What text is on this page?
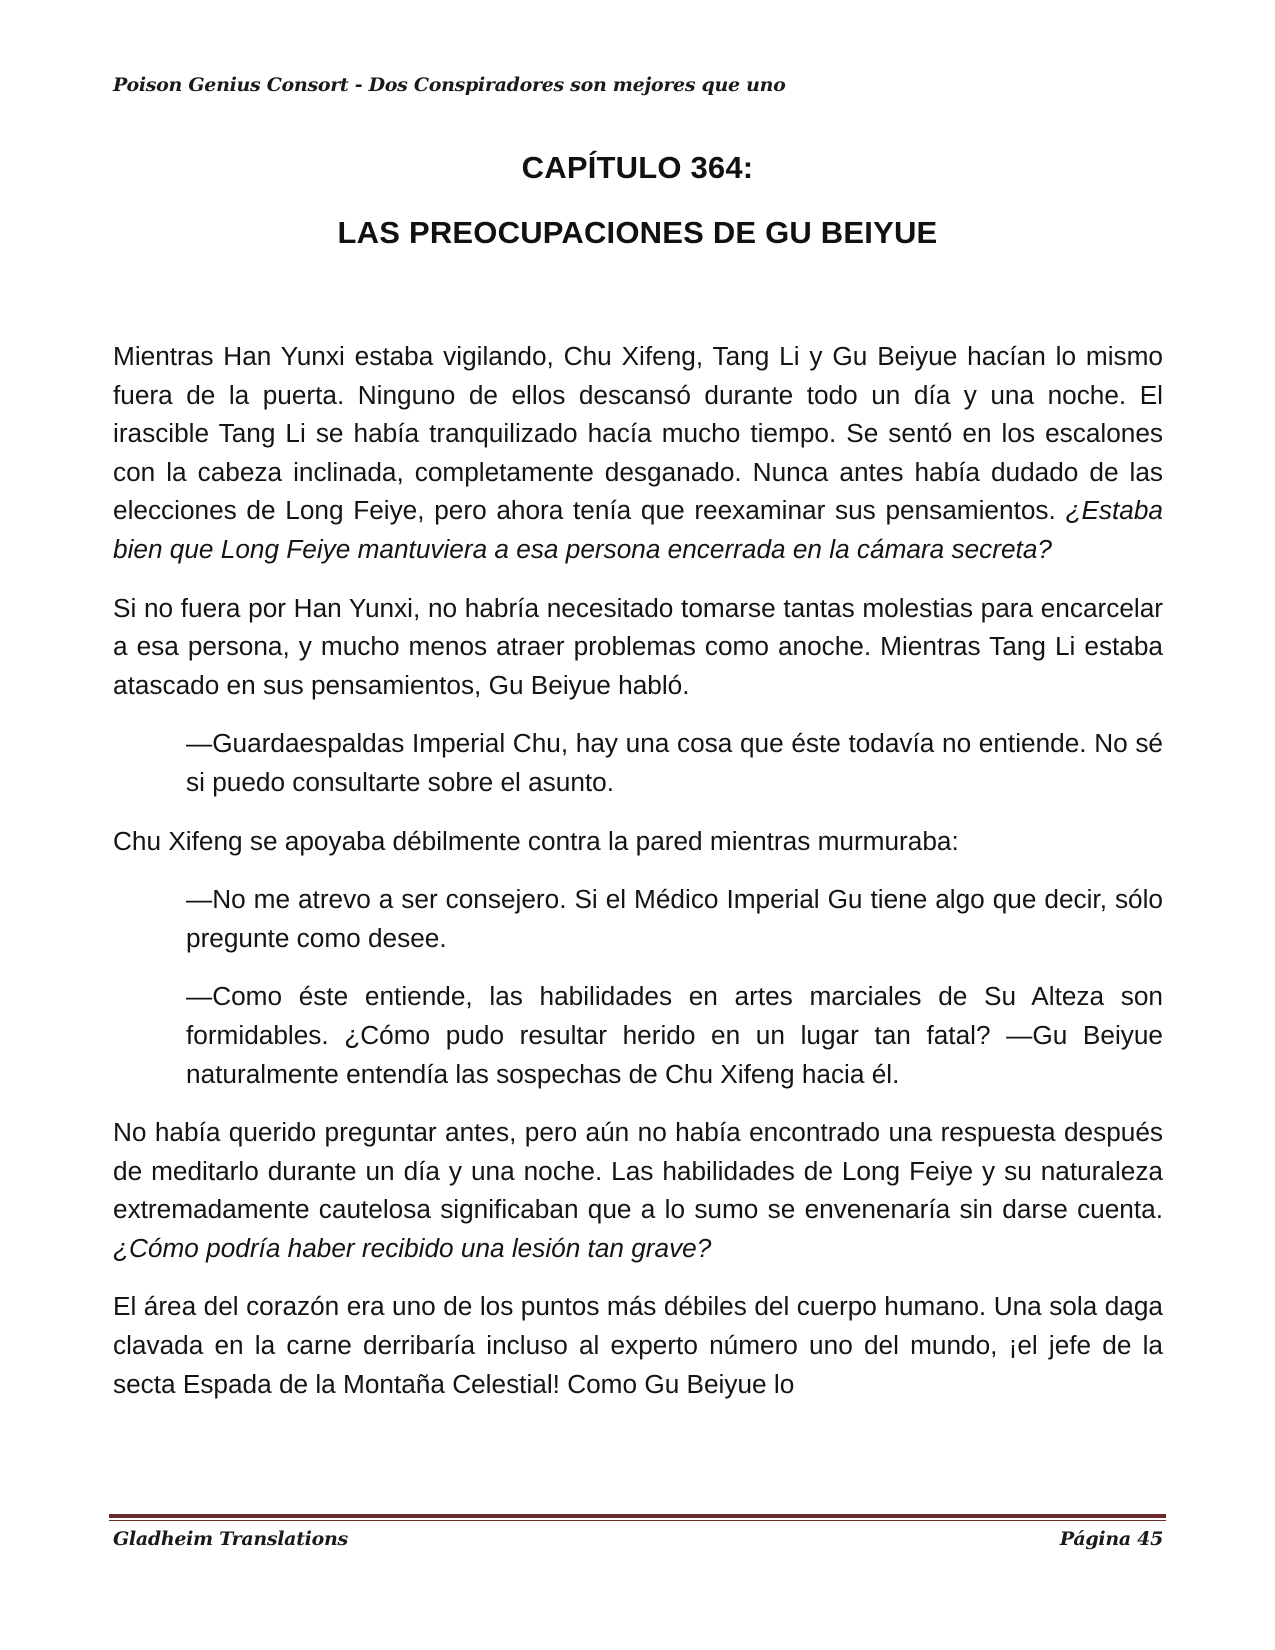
Poison Genius Consort - Dos Conspiradores son mejores que uno
CAPÍTULO 364:
LAS PREOCUPACIONES DE GU BEIYUE

Mientras Han Yunxi estaba vigilando, Chu Xifeng, Tang Li y Gu Beiyue hacían lo mismo fuera de la puerta. Ninguno de ellos descansó durante todo un día y una noche. El irascible Tang Li se había tranquilizado hacía mucho tiempo. Se sentó en los escalones con la cabeza inclinada, completamente desganado. Nunca antes había dudado de las elecciones de Long Feiye, pero ahora tenía que reexaminar sus pensamientos. ¿Estaba bien que Long Feiye mantuviera a esa persona encerrada en la cámara secreta?

Si no fuera por Han Yunxi, no habría necesitado tomarse tantas molestias para encarcelar a esa persona, y mucho menos atraer problemas como anoche. Mientras Tang Li estaba atascado en sus pensamientos, Gu Beiyue habló.

—Guardaespaldas Imperial Chu, hay una cosa que éste todavía no entiende. No sé si puedo consultarte sobre el asunto.

Chu Xifeng se apoyaba débilmente contra la pared mientras murmuraba:

—No me atrevo a ser consejero. Si el Médico Imperial Gu tiene algo que decir, sólo pregunte como desee.

—Como éste entiende, las habilidades en artes marciales de Su Alteza son formidables. ¿Cómo pudo resultar herido en un lugar tan fatal? —Gu Beiyue naturalmente entendía las sospechas de Chu Xifeng hacia él.

No había querido preguntar antes, pero aún no había encontrado una respuesta después de meditarlo durante un día y una noche. Las habilidades de Long Feiye y su naturaleza extremadamente cautelosa significaban que a lo sumo se envenenaría sin darse cuenta. ¿Cómo podría haber recibido una lesión tan grave?

El área del corazón era uno de los puntos más débiles del cuerpo humano. Una sola daga clavada en la carne derribaría incluso al experto número uno del mundo, ¡el jefe de la secta Espada de la Montaña Celestial! Como Gu Beiyue lo

Gladheim Translations	Página 45
